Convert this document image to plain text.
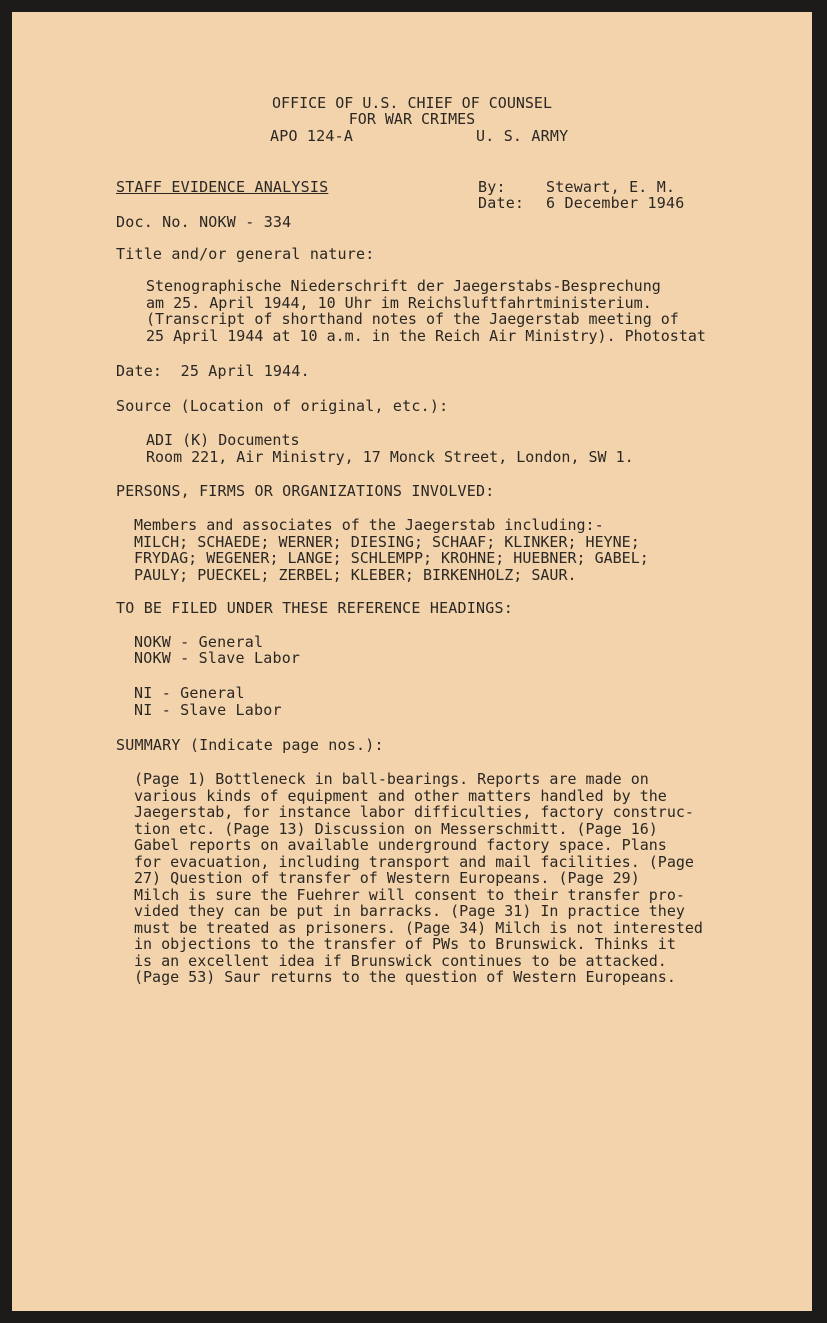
OFFICE OF U.S. CHIEF OF COUNSEL
FOR WAR CRIMES
APO 124-A	U. S. ARMY
STAFF EVIDENCE ANALYSIS	By:	Stewart, E. M.
Date: 6 December 1946
Doc. No. NOKW - 334
Title and/or general nature:
Stenographische Niederschrift der Jaegerstabs-Besprechung
am 25. April 1944, 10 Uhr im Reichsluftfahrtministerium.
(Transcript of shorthand notes of the Jaegerstab meeting of
25 April 1944 at 10 a.m. in the Reich Air Ministry). Photostat
Date:  25 April 1944.
Source (Location of original, etc.):
ADI (K) Documents
Room 221, Air Ministry, 17 Monck Street, London, SW 1.
PERSONS, FIRMS OR ORGANIZATIONS INVOLVED:
Members and associates of the Jaegerstab including:-
MILCH; SCHAEDE; WERNER; DIESING; SCHAAF; KLINKER; HEYNE;
FRYDAG; WEGENER; LANGE; SCHLEMPP; KROHNE; HUEBNER; GABEL;
PAULY; PUECKEL; ZERBEL; KLEBER; BIRKENHOLZ; SAUR.
TO BE FILED UNDER THESE REFERENCE HEADINGS:
NOKW - General
NOKW - Slave Labor
NI - General
NI - Slave Labor
SUMMARY (Indicate page nos.):
(Page 1) Bottleneck in ball-bearings. Reports are made on
various kinds of equipment and other matters handled by the
Jaegerstab, for instance labor difficulties, factory construc-
tion etc. (Page 13) Discussion on Messerschmitt. (Page 16)
Gabel reports on available underground factory space. Plans
for evacuation, including transport and mail facilities. (Page
27) Question of transfer of Western Europeans. (Page 29)
Milch is sure the Fuehrer will consent to their transfer pro-
vided they can be put in barracks. (Page 31) In practice they
must be treated as prisoners. (Page 34) Milch is not interested
in objections to the transfer of PWs to Brunswick. Thinks it
is an excellent idea if Brunswick continues to be attacked.
(Page 53) Saur returns to the question of Western Europeans.
